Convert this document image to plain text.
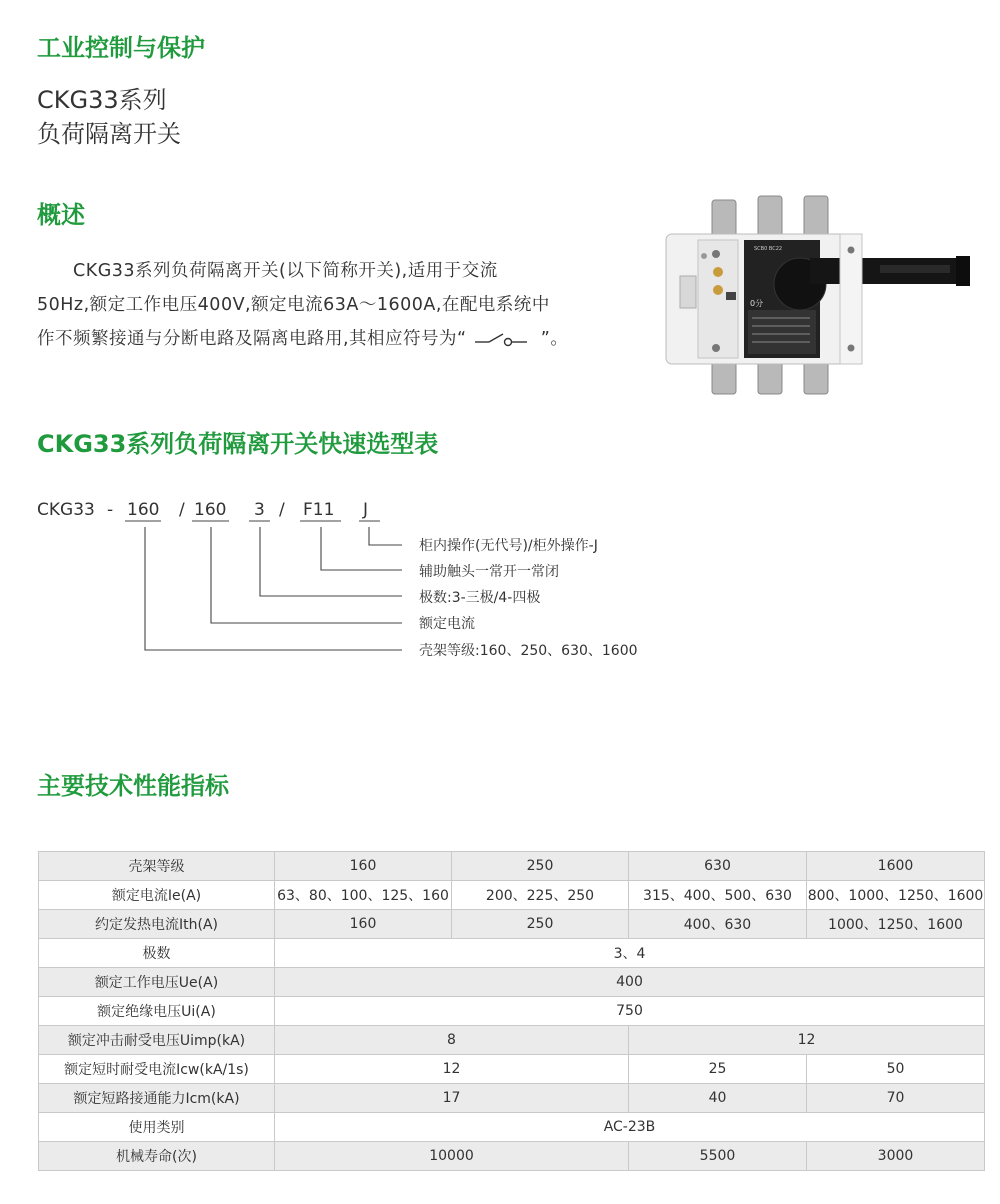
工业控制与保护
CKG33系列
负荷隔离开关
概述
CKG33系列负荷隔离开关(以下简称开关),适用于交流
50Hz,额定工作电压400V,额定电流63A～1600A,在配电系统中
作不频繁接通与分断电路及隔离电路用,其相应符号为“	”。
SCB0 BC22
0分
CKG33系列负荷隔离开关快速选型表
CKG33 - 160 / 160 3 / F11 J
柜内操作(无代号)/柜外操作-J
辅助触头一常开一常闭
极数:3-三极/4-四极
额定电流
壳架等级:160、250、630、1600
主要技术性能指标
壳架等级	160	250	630	1600
额定电流Ie(A)	63、80、100、125、160	200、225、250	315、400、500、630	800、1000、1250、1600
约定发热电流Ith(A)	160	250	400、630	1000、1250、1600
极数	3、4			
额定工作电压Ue(A)	400			
额定绝缘电压Ui(A)	750			
额定冲击耐受电压Uimp(kA)	8		12	
额定短时耐受电流Icw(kA/1s)	12		25	50
额定短路接通能力Icm(kA)	17		40	70
使用类别	AC-23B			
机械寿命(次)	10000		5500	3000
